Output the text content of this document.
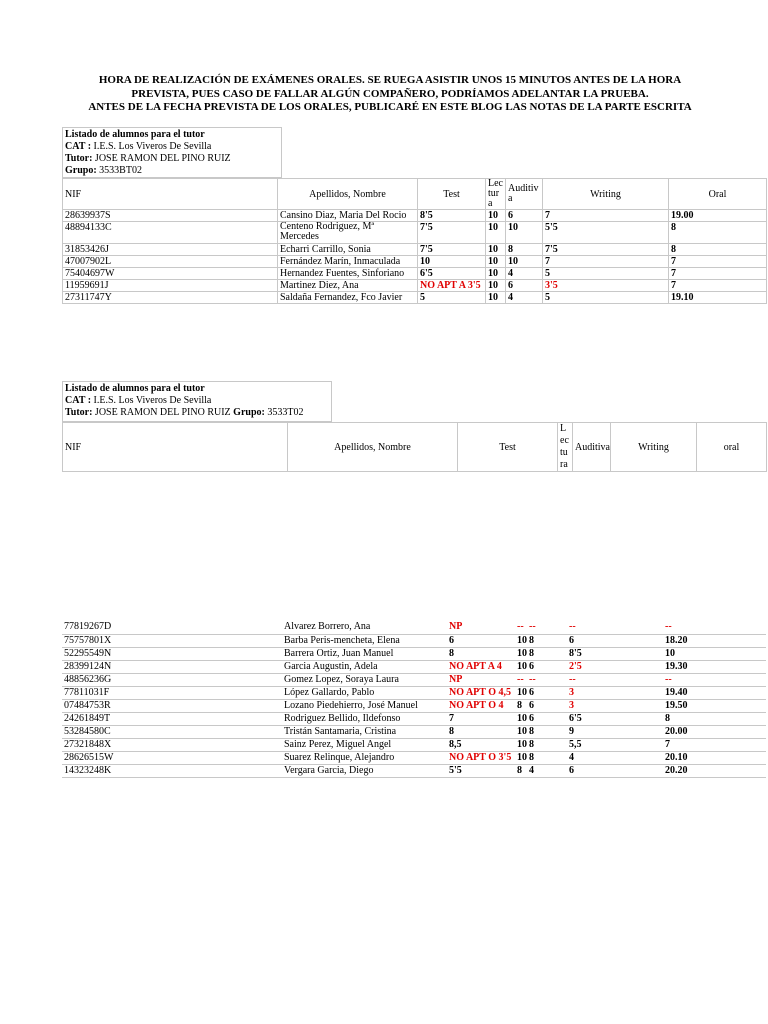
HORA DE REALIZACIÓN DE EXÁMENES ORALES. SE RUEGA ASISTIR UNOS 15 MINUTOS ANTES DE LA HORA
PREVISTA, PUES CASO DE FALLAR ALGÚN COMPAÑERO, PODRÍAMOS ADELANTAR LA PRUEBA.
ANTES DE LA FECHA PREVISTA DE LOS ORALES, PUBLICARÉ EN ESTE BLOG LAS NOTAS DE LA PARTE ESCRITA
Listado de alumnos para el tutor
CAT : I.E.S. Los Viveros De Sevilla
Tutor: JOSE RAMON DEL PINO RUIZ
Grupo: 3533BT02
NIF	Apellidos, Nombre	Test	Lectura	Auditiva	Writing	Oral
28639937S	Cansino Diaz, Maria Del Rocio	8'5	10	6	7	19.00
48894133C	Centeno Rodriguez, Mª Mercedes	7'5	10	10	5'5	8
31853426J	Echarri Carrillo, Sonia	7'5	10	8	7'5	8
47007902L	Fernández Marín, Inmaculada	10	10	10	7	7
75404697W	Hernandez Fuentes, Sinforiano	6'5	10	4	5	7
11959691J	Martinez Diez, Ana	NO APT A 3'5	10	6	3'5	7
27311747Y	Saldaña Fernandez, Fco Javier	5	10	4	5	19.10
Listado de alumnos para el tutor
CAT : I.E.S. Los Viveros De Sevilla
Tutor: JOSE RAMON DEL PINO RUIZ Grupo: 3533T02
NIF	Apellidos, Nombre	Test	Lectura	Auditiva	Writing	oral
77819267D	Alvarez Borrero, Ana	NP	--	--	--	--
75757801X	Barba Peris-mencheta, Elena	6	10	8	6	18.20
52295549N	Barrera Ortiz, Juan Manuel	8	10	8	8'5	10
28399124N	Garcia Augustin, Adela	NO APT A 4	10	6	2'5	19.30
48856236G	Gomez Lopez, Soraya Laura	NP	--	--	--	--
77811031F	López Gallardo, Pablo	NO APT O 4,5	10	6	3	19.40
07484753R	Lozano Piedehierro, José Manuel	NO APT O 4	8	6	3	19.50
24261849T	Rodriguez Bellido, Ildefonso	7	10	6	6'5	8
53284580C	Tristán Santamaria, Cristina	8	10	8	9	20.00
27321848X	Sainz Perez, Miguel Angel	8,5	10	8	5,5	7
28626515W	Suarez Relinque, Alejandro	NO APT O 3'5	10	8	4	20.10
14323248K	Vergara Garcia, Diego	5'5	8	4	6	20.20
